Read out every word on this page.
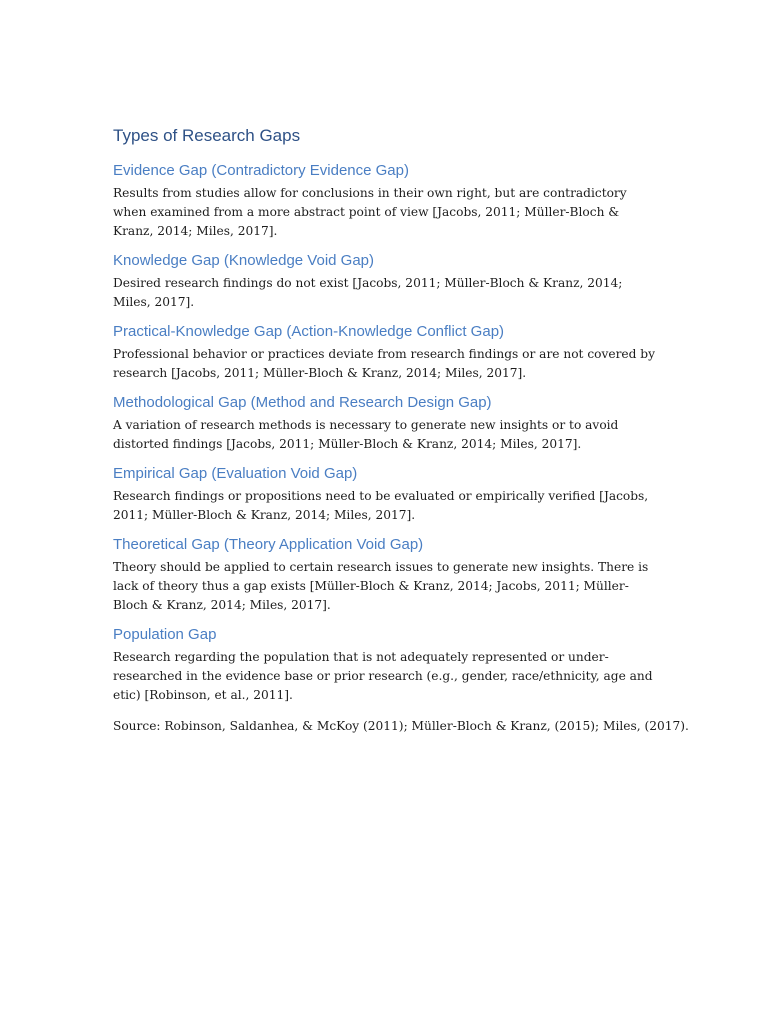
Types of Research Gaps
Evidence Gap (Contradictory Evidence Gap)

Results from studies allow for conclusions in their own right, but are contradictory when examined from a more abstract point of view [Jacobs, 2011; Müller-Bloch & Kranz, 2014; Miles, 2017].

Knowledge Gap (Knowledge Void Gap)

Desired research findings do not exist [Jacobs, 2011; Müller-Bloch & Kranz, 2014; Miles, 2017].

Practical-Knowledge Gap (Action-Knowledge Conflict Gap)

Professional behavior or practices deviate from research findings or are not covered by research [Jacobs, 2011; Müller-Bloch & Kranz, 2014; Miles, 2017].

Methodological Gap (Method and Research Design Gap)

A variation of research methods is necessary to generate new insights or to avoid distorted findings [Jacobs, 2011; Müller-Bloch & Kranz, 2014; Miles, 2017].

Empirical Gap (Evaluation Void Gap)

Research findings or propositions need to be evaluated or empirically verified [Jacobs, 2011; Müller-Bloch & Kranz, 2014; Miles, 2017].

Theoretical Gap (Theory Application Void Gap)

Theory should be applied to certain research issues to generate new insights. There is lack of theory thus a gap exists [Müller-Bloch & Kranz, 2014; Jacobs, 2011; Müller-Bloch & Kranz, 2014; Miles, 2017].

Population Gap

Research regarding the population that is not adequately represented or under-researched in the evidence base or prior research (e.g., gender, race/ethnicity, age and etic) [Robinson, et al., 2011].

Source: Robinson, Saldanhea, & McKoy (2011); Müller-Bloch & Kranz, (2015); Miles, (2017).
